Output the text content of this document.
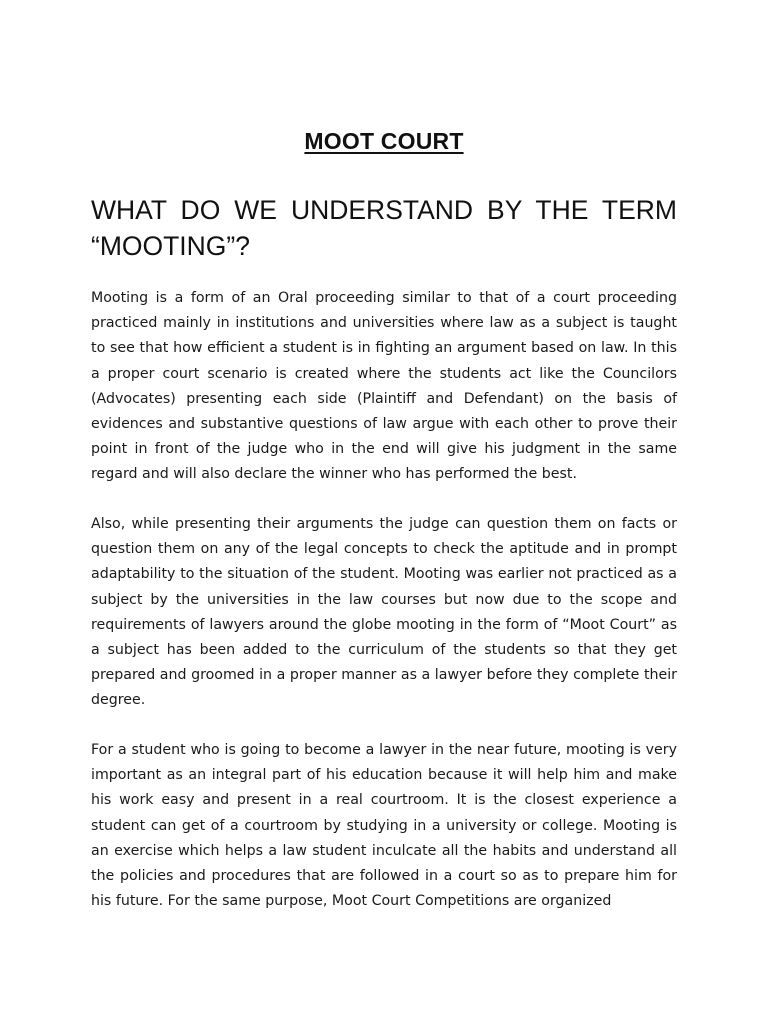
MOOT COURT
WHAT DO WE UNDERSTAND BY THE TERM “MOOTING”?

Mooting is a form of an Oral proceeding similar to that of a court proceeding practiced mainly in institutions and universities where law as a subject is taught to see that how efficient a student is in fighting an argument based on law. In this a proper court scenario is created where the students act like the Councilors (Advocates) presenting each side (Plaintiff and Defendant) on the basis of evidences and substantive questions of law argue with each other to prove their point in front of the judge who in the end will give his judgment in the same regard and will also declare the winner who has performed the best.

Also, while presenting their arguments the judge can question them on facts or question them on any of the legal concepts to check the aptitude and in prompt adaptability to the situation of the student. Mooting was earlier not practiced as a subject by the universities in the law courses but now due to the scope and requirements of lawyers around the globe mooting in the form of “Moot Court” as a subject has been added to the curriculum of the students so that they get prepared and groomed in a proper manner as a lawyer before they complete their degree.

For a student who is going to become a lawyer in the near future, mooting is very important as an integral part of his education because it will help him and make his work easy and present in a real courtroom. It is the closest experience a student can get of a courtroom by studying in a university or college. Mooting is an exercise which helps a law student inculcate all the habits and understand all the policies and procedures that are followed in a court so as to prepare him for his future. For the same purpose, Moot Court Competitions are organized
